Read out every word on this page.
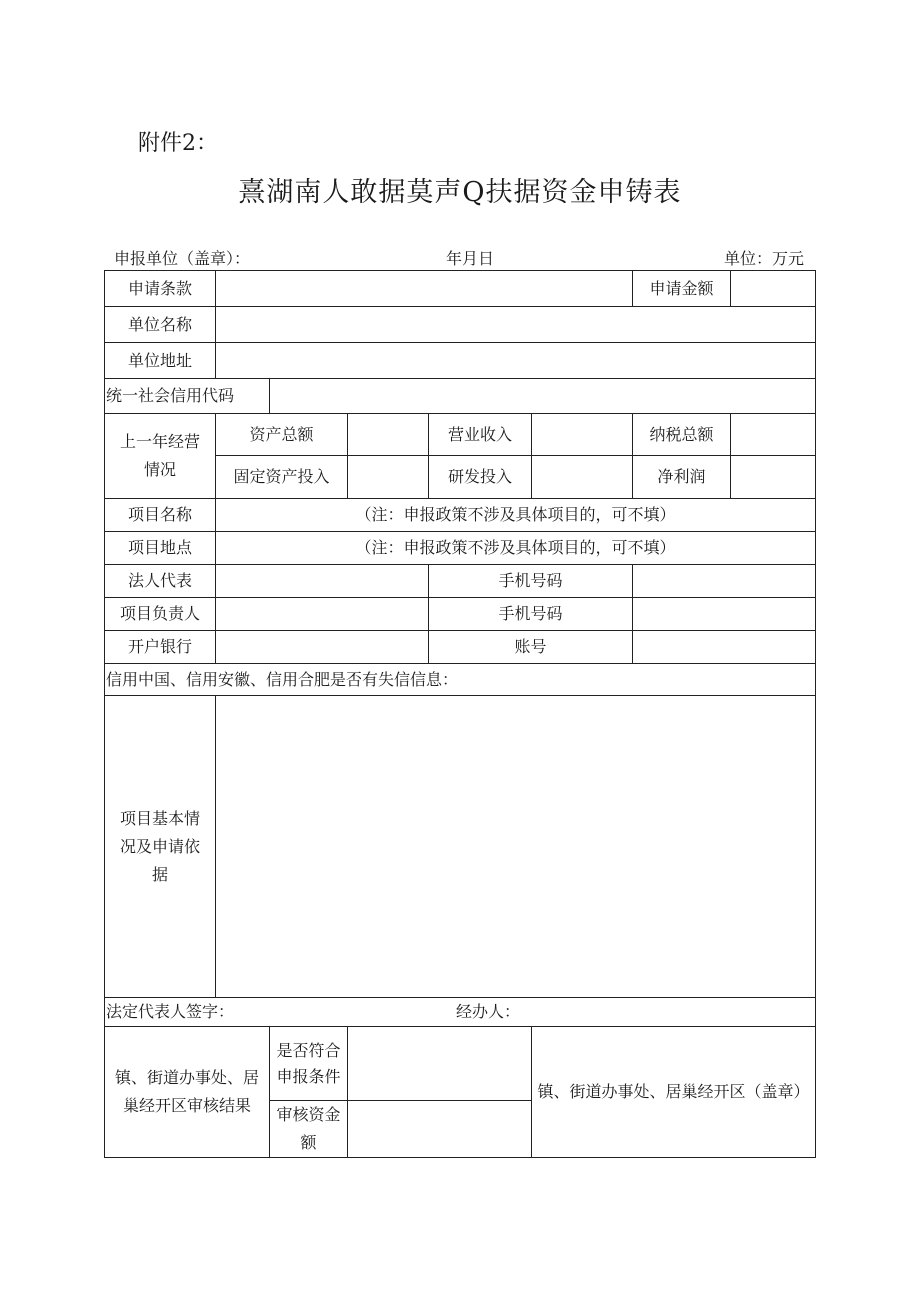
附件2：
熹湖南人敢据莫声Q扶据资金申铸表
申报单位（盖章）：	年月日	单位：万元
申请条款						申请金额	
单位名称							
单位地址							
统一社会信用代码							
上一年经营情况	资产总额			营业收入		纳税总额	
	固定资产投入			研发投入		净利润	
项目名称	（注：申报政策不涉及具体项目的，可不填）						
项目地点	（注：申报政策不涉及具体项目的，可不填）						
法人代表				手机号码			
项目负责人				手机号码			
开户银行				账号			
信用中国、信用安徽、信用合肥是否有失信信息：							
项目基本情况及申请依据							
法定代表人签字： 经办人：							

镇、街道办事处、居巢经开区审核结果		是否符合申报条件			镇、街道办事处、居巢经开区（盖章）		
		审核资金额					
